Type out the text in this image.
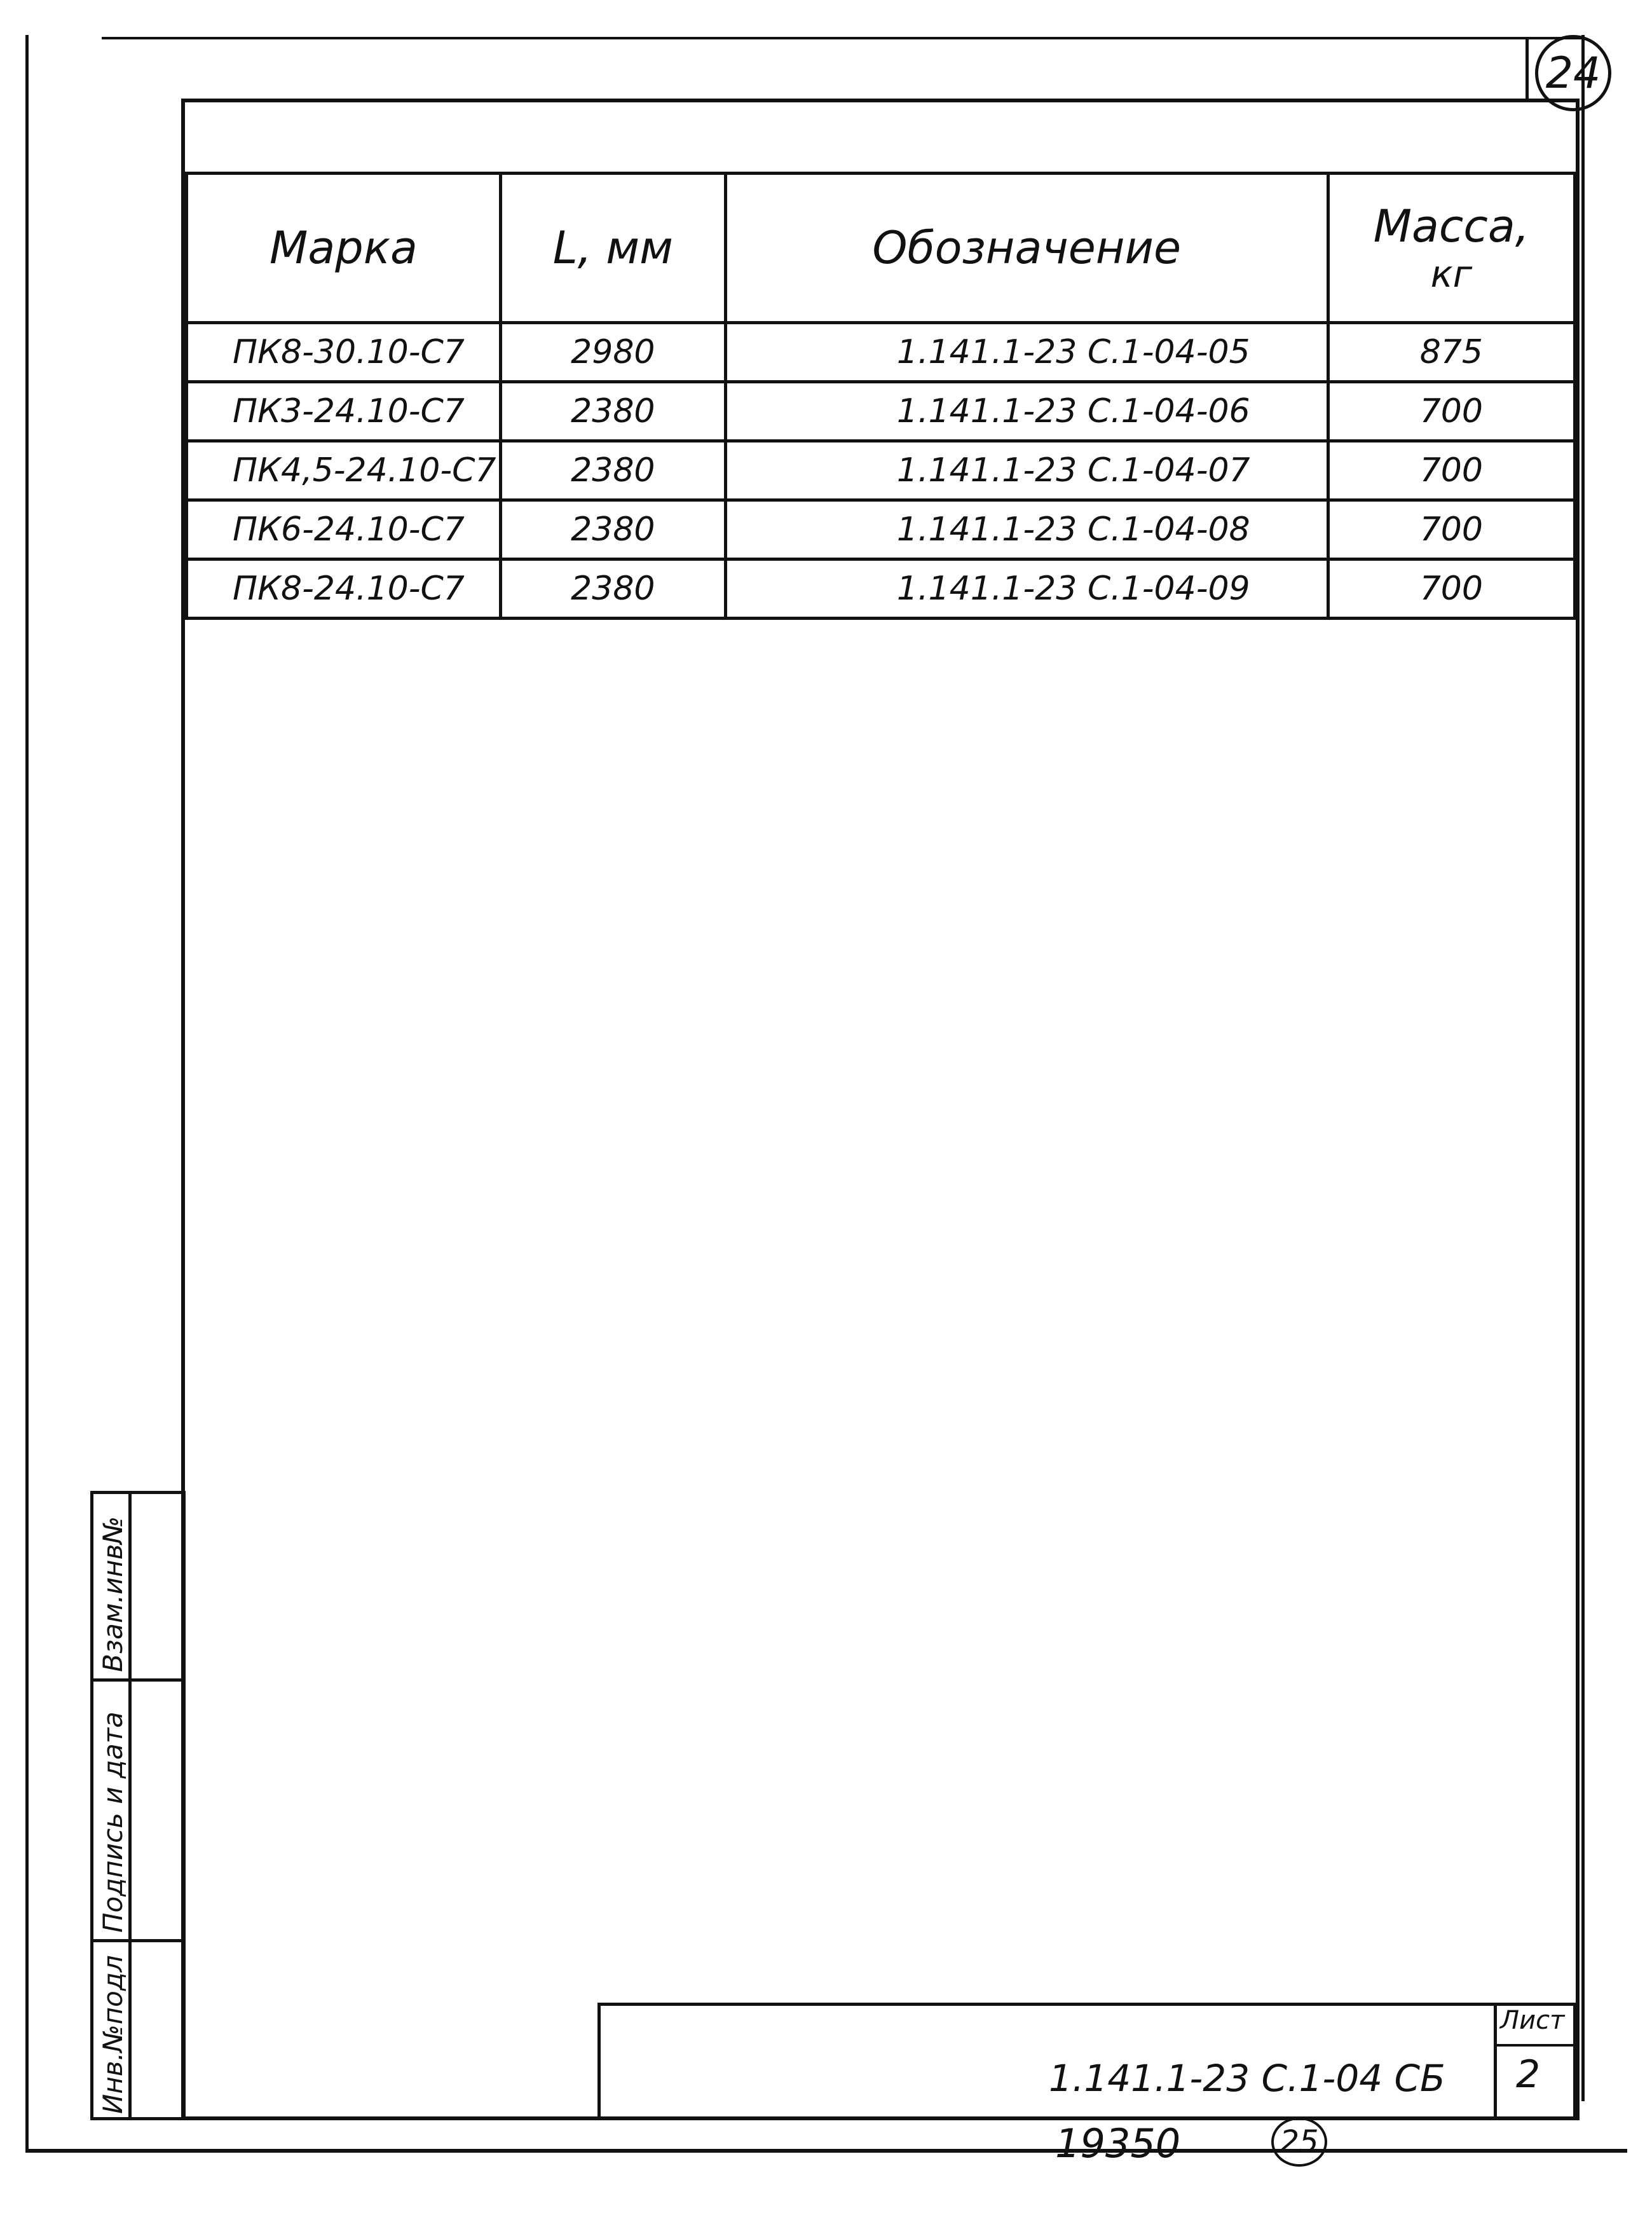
24
Марка	L, мм	Обозначение	Масса,
кг

ПК8-30.10-С7	2980	1.141.1-23 С.1-04-05	875
ПК3-24.10-С7	2380	1.141.1-23 С.1-04-06	700
ПК4,5-24.10-С7	2380	1.141.1-23 С.1-04-07	700
ПК6-24.10-С7	2380	1.141.1-23 С.1-04-08	700
ПК8-24.10-С7	2380	1.141.1-23 С.1-04-09	700
Взам.инв№
Подпись и дата
Инв.№подл	1.141.1-23 С.1-04 СБ
Лист
2
19350	25
